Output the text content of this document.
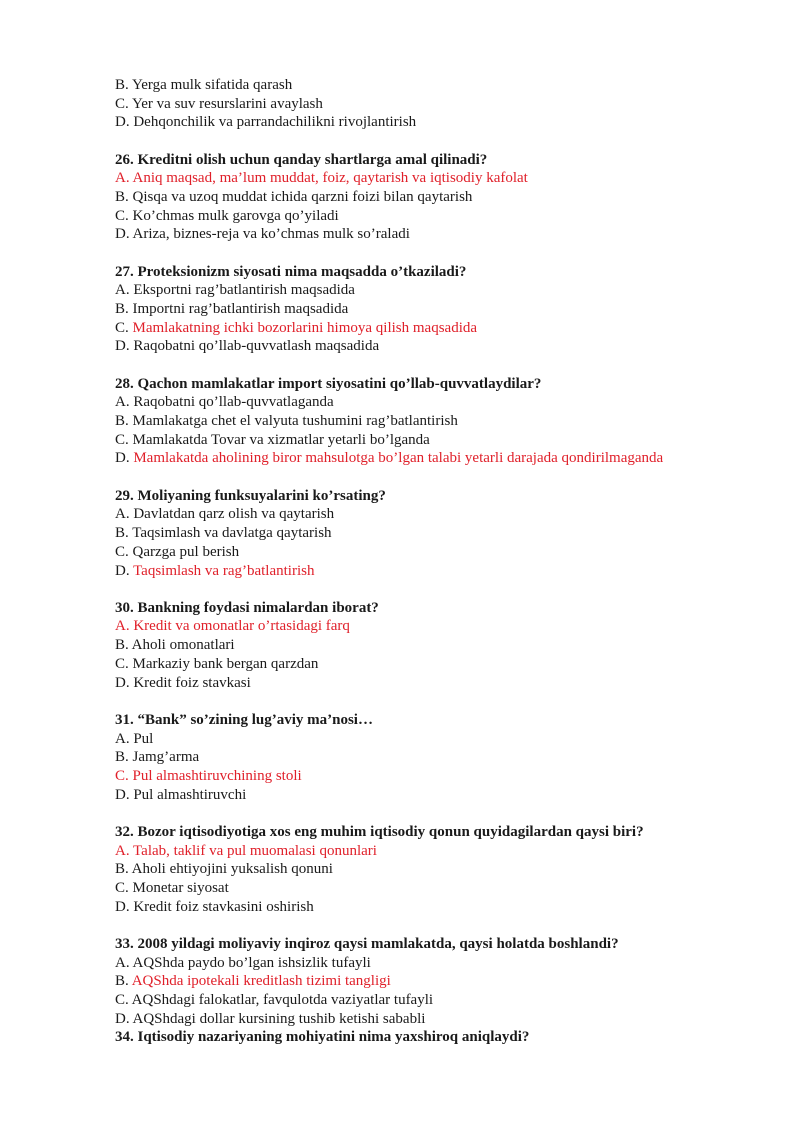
B. Yerga mulk sifatida qarash
C. Yer va suv resurslarini avaylash
D. Dehqonchilik va parrandachilikni rivojlantirish
26. Kreditni olish uchun qanday shartlarga amal qilinadi?
A. Aniq maqsad, ma’lum muddat, foiz, qaytarish va iqtisodiy kafolat
B. Qisqa va uzoq muddat ichida qarzni foizi bilan qaytarish
C. Ko’chmas mulk garovga qo’yiladi
D. Ariza, biznes-reja va ko’chmas mulk so’raladi
27. Proteksionizm siyosati nima maqsadda o’tkaziladi?
A. Eksportni rag’batlantirish maqsadida
B. Importni rag’batlantirish maqsadida
C. Mamlakatning ichki bozorlarini himoya qilish maqsadida
D. Raqobatni qo’llab-quvvatlash maqsadida
28. Qachon mamlakatlar import siyosatini qo’llab-quvvatlaydilar?
A. Raqobatni qo’llab-quvvatlaganda
B. Mamlakatga chet el valyuta tushumini rag’batlantirish
C. Mamlakatda Tovar va xizmatlar yetarli bo’lganda
D. Mamlakatda aholining biror mahsulotga bo’lgan talabi yetarli darajada qondirilmaganda
29. Moliyaning funksuyalarini ko’rsating?
A. Davlatdan qarz olish va qaytarish
B. Taqsimlash va davlatga qaytarish
C. Qarzga pul berish
D. Taqsimlash va rag’batlantirish
30. Bankning foydasi nimalardan iborat?
A. Kredit va omonatlar o’rtasidagi farq
B. Aholi omonatlari
C. Markaziy bank bergan qarzdan
D. Kredit foiz stavkasi
31. “Bank” so’zining lug’aviy ma’nosi…
A. Pul
B. Jamg’arma
C. Pul almashtiruvchining stoli
D. Pul almashtiruvchi
32. Bozor iqtisodiyotiga xos eng muhim iqtisodiy qonun quyidagilardan qaysi biri?
A. Talab, taklif va pul muomalasi qonunlari
B. Aholi ehtiyojini yuksalish qonuni
C. Monetar siyosat
D. Kredit foiz stavkasini oshirish
33. 2008 yildagi moliyaviy inqiroz qaysi mamlakatda, qaysi holatda boshlandi?
A. AQShda paydo bo’lgan ishsizlik tufayli
B. AQShda ipotekali kreditlash tizimi tangligi
C. AQShdagi falokatlar, favqulotda vaziyatlar tufayli
D. AQShdagi dollar kursining tushib ketishi sababli
34. Iqtisodiy nazariyaning mohiyatini nima yaxshiroq aniqlaydi?
